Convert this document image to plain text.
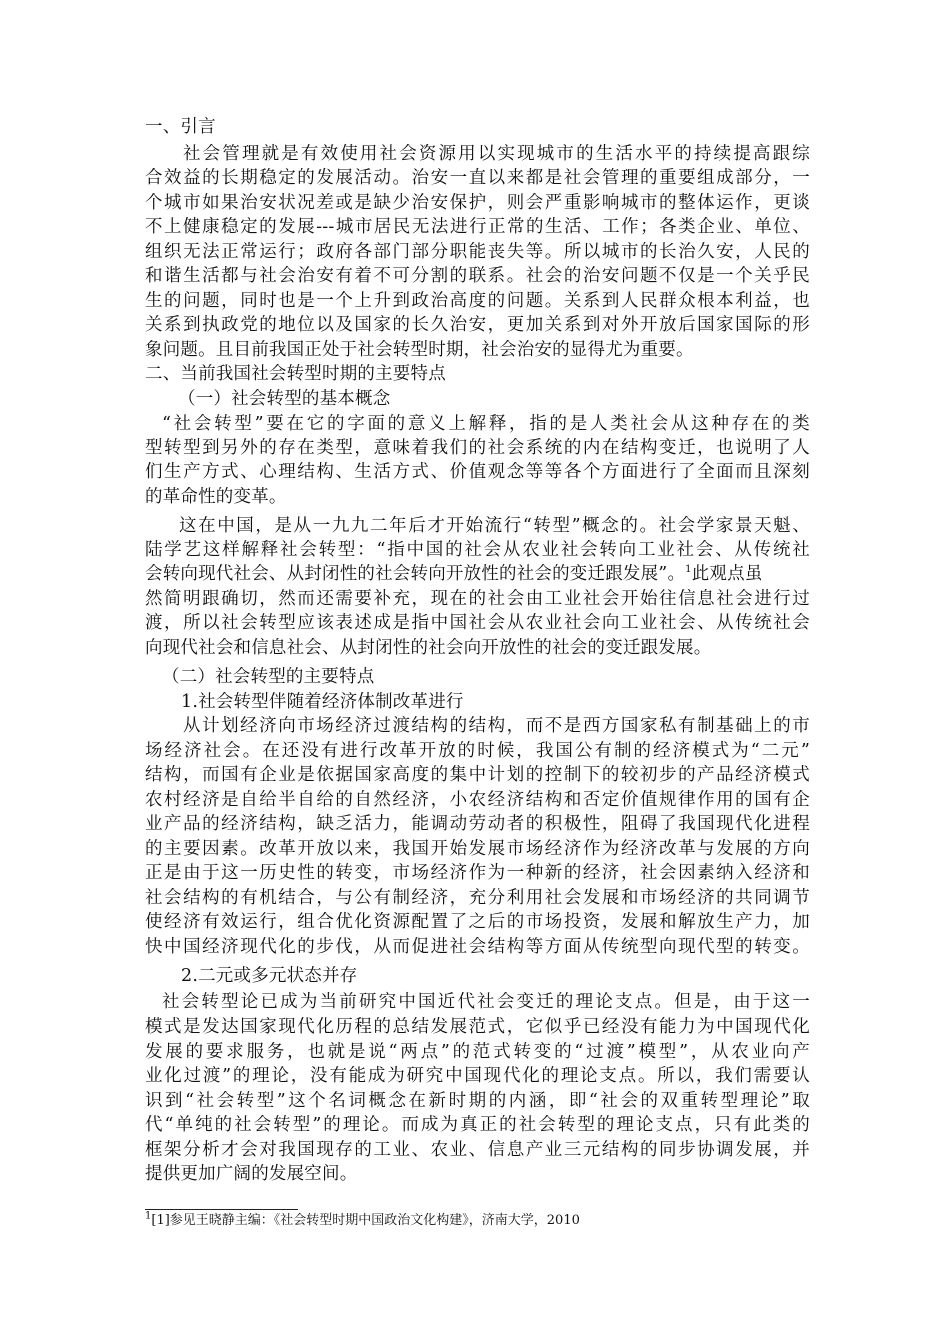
一、引言
社会管理就是有效使用社会资源用以实现城市的生活水平的持续提高跟综
合效益的长期稳定的发展活动。治安一直以来都是社会管理的重要组成部分，一
个城市如果治安状况差或是缺少治安保护，则会严重影响城市的整体运作，更谈
不上健康稳定的发展---城市居民无法进行正常的生活、工作；各类企业、单位、
组织无法正常运行；政府各部门部分职能丧失等。所以城市的长治久安，人民的
和谐生活都与社会治安有着不可分割的联系。社会的治安问题不仅是一个关乎民
生的问题，同时也是一个上升到政治高度的问题。关系到人民群众根本利益，也
关系到执政党的地位以及国家的长久治安，更加关系到对外开放后国家国际的形
象问题。且目前我国正处于社会转型时期，社会治安的显得尤为重要。
二、当前我国社会转型时期的主要特点
（一）社会转型的基本概念
“社会转型”要在它的字面的意义上解释，指的是人类社会从这种存在的类
型转型到另外的存在类型，意味着我们的社会系统的内在结构变迁，也说明了人
们生产方式、心理结构、生活方式、价值观念等等各个方面进行了全面而且深刻
的革命性的变革。
这在中国，是从一九九二年后才开始流行“转型”概念的。社会学家景天魁、
陆学艺这样解释社会转型：“指中国的社会从农业社会转向工业社会、从传统社
会转向现代社会、从封闭性的社会转向开放性的社会的变迁跟发展”。$^1$此观点虽
然简明跟确切，然而还需要补充，现在的社会由工业社会开始往信息社会进行过
渡，所以社会转型应该表述成是指中国社会从农业社会向工业社会、从传统社会
向现代社会和信息社会、从封闭性的社会向开放性的社会的变迁跟发展。
（二）社会转型的主要特点
1.社会转型伴随着经济体制改革进行
从计划经济向市场经济过渡结构的结构，而不是西方国家私有制基础上的市
场经济社会。在还没有进行改革开放的时候，我国公有制的经济模式为“二元”
结构，而国有企业是依据国家高度的集中计划的控制下的较初步的产品经济模式
农村经济是自给半自给的自然经济，小农经济结构和否定价值规律作用的国有企
业产品的经济结构，缺乏活力，能调动劳动者的积极性，阻碍了我国现代化进程
的主要因素。改革开放以来，我国开始发展市场经济作为经济改革与发展的方向
正是由于这一历史性的转变，市场经济作为一种新的经济，社会因素纳入经济和
社会结构的有机结合，与公有制经济，充分利用社会发展和市场经济的共同调节
使经济有效运行，组合优化资源配置了之后的市场投资，发展和解放生产力，加
快中国经济现代化的步伐，从而促进社会结构等方面从传统型向现代型的转变。
2.二元或多元状态并存
社会转型论已成为当前研究中国近代社会变迁的理论支点。但是，由于这一
模式是发达国家现代化历程的总结发展范式，它似乎已经没有能力为中国现代化
发展的要求服务，也就是说“两点”的范式转变的“过渡”模型”，从农业向产
业化过渡”的理论，没有能成为研究中国现代化的理论支点。所以，我们需要认
识到“社会转型”这个名词概念在新时期的内涵，即“社会的双重转型理论”取
代“单纯的社会转型”的理论。而成为真正的社会转型的理论支点，只有此类的
框架分析才会对我国现存的工业、农业、信息产业三元结构的同步协调发展，并
提供更加广阔的发展空间。
$^1$[1]参见王晓静主编：《社会转型时期中国政治文化构建》，济南大学，2010
